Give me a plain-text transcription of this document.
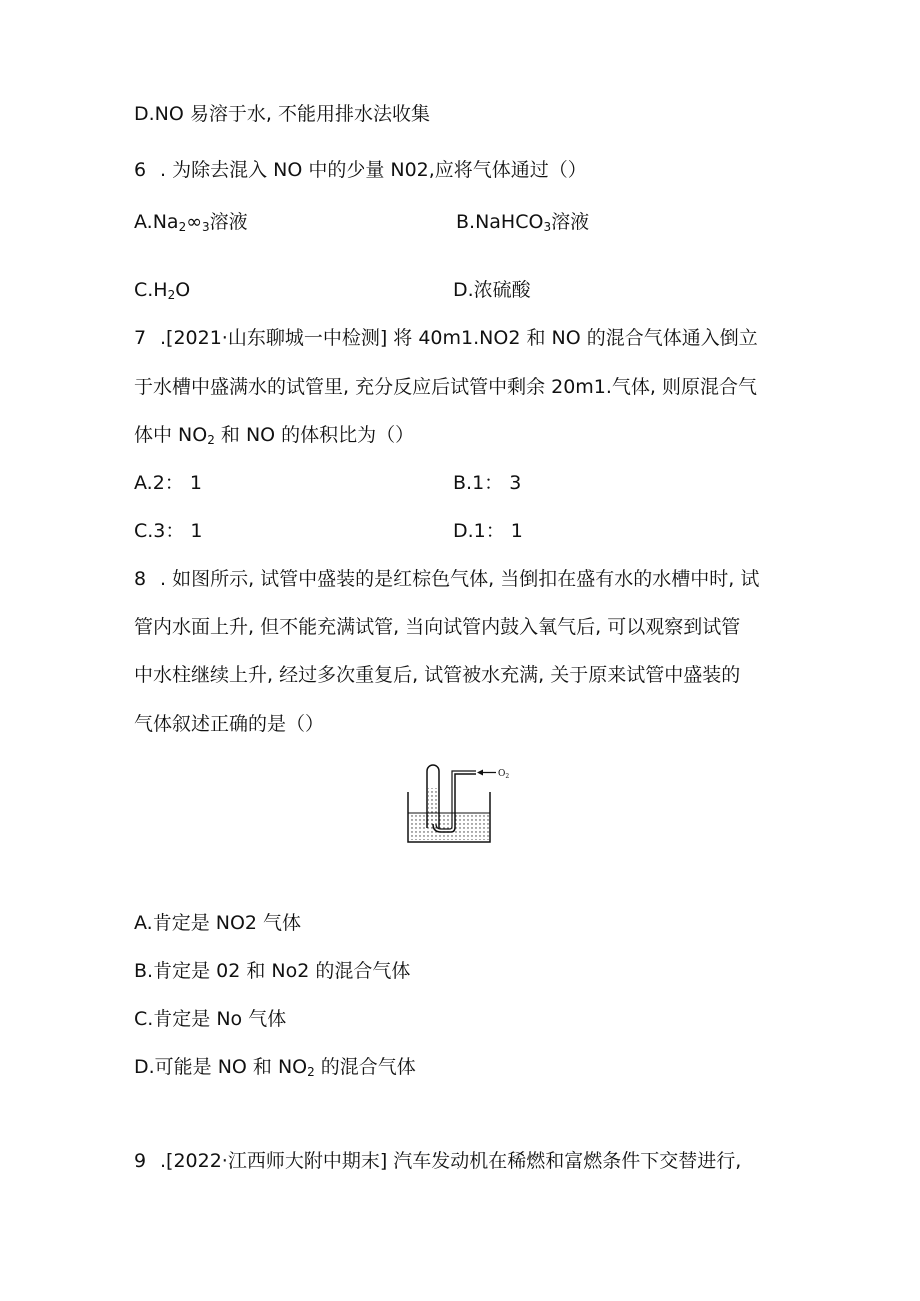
D.NO 易溶于水, 不能用排水法收集
6 . 为除去混入 NO 中的少量 N02,应将气体通过（）
$A.Na_2\infty_3$溶液	B.NaHCO$_3$溶液
$C.H_2O$	D.浓硫酸
7 .[2021·山东聊城一中检测] 将 40m1.NO2 和 NO 的混合气体通入倒立
于水槽中盛满水的试管里, 充分反应后试管中剩余 20m1.气体, 则原混合气
体中 $NO_2$ 和 NO 的体积比为（）
A.2： 1	B.1： 3
C.3： 1	D.1： 1
8 . 如图所示, 试管中盛装的是红棕色气体, 当倒扣在盛有水的水槽中时, 试
管内水面上升, 但不能充满试管, 当向试管内鼓入氧气后, 可以观察到试管
中水柱继续上升, 经过多次重复后, 试管被水充满, 关于原来试管中盛装的
气体叙述正确的是（）
$O_2$
A.肯定是 NO2 气体
B.肯定是 02 和 No2 的混合气体
C.肯定是 No 气体
D.可能是 NO 和 $NO_2$ 的混合气体
9 .[2022·江西师大附中期末] 汽车发动机在稀燃和富燃条件下交替进行,
